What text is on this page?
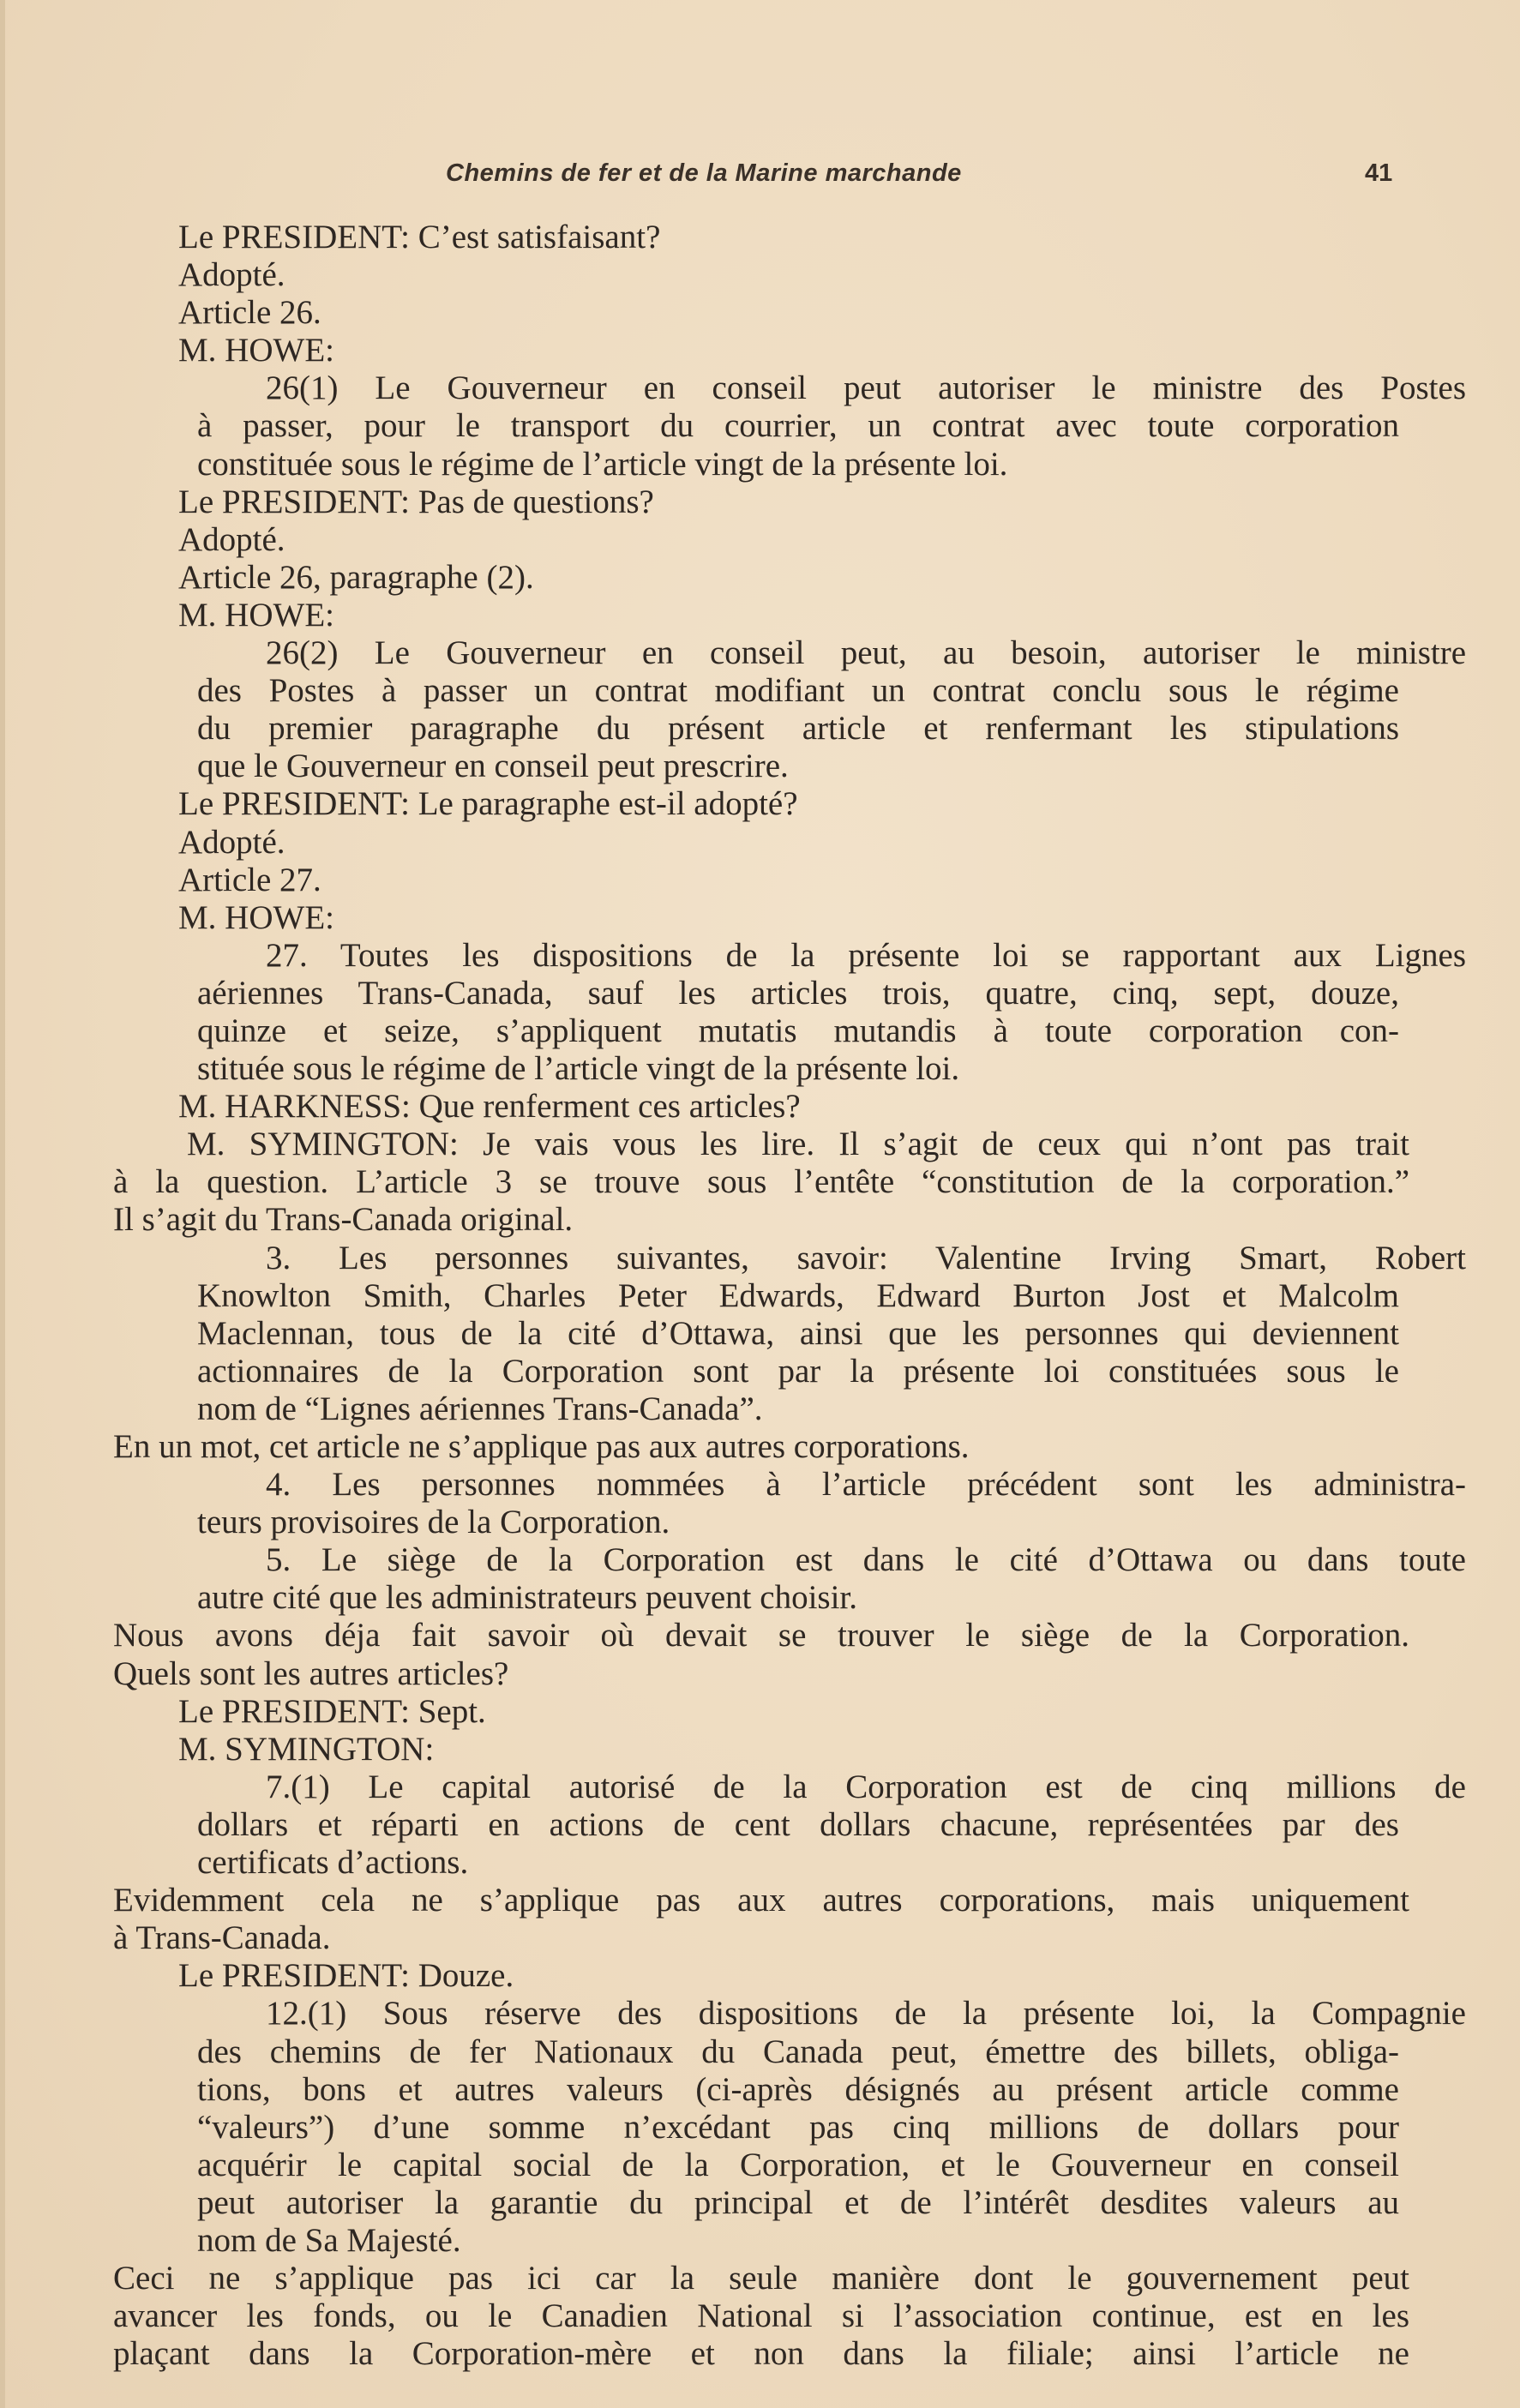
Chemins de fer et de la Marine marchande	41
Le PRESIDENT: C’est satisfaisant?
Adopté.
Article 26.
M. HOWE:
26(1) Le Gouverneur en conseil peut autoriser le ministre des Postes
à passer, pour le transport du courrier, un contrat avec toute corporation
constituée sous le régime de l’article vingt de la présente loi.
Le PRESIDENT: Pas de questions?
Adopté.
Article 26, paragraphe (2).
M. HOWE:
26(2) Le Gouverneur en conseil peut, au besoin, autoriser le ministre
des Postes à passer un contrat modifiant un contrat conclu sous le régime
du premier paragraphe du présent article et renfermant les stipulations
que le Gouverneur en conseil peut prescrire.
Le PRESIDENT: Le paragraphe est-il adopté?
Adopté.
Article 27.
M. HOWE:
27. Toutes les dispositions de la présente loi se rapportant aux Lignes
aériennes Trans-Canada, sauf les articles trois, quatre, cinq, sept, douze,
quinze et seize, s’appliquent mutatis mutandis à toute corporation con-
stituée sous le régime de l’article vingt de la présente loi.
M. HARKNESS: Que renferment ces articles?
M. SYMINGTON: Je vais vous les lire. Il s’agit de ceux qui n’ont pas trait
à la question. L’article 3 se trouve sous l’entête “constitution de la corporation.”
Il s’agit du Trans-Canada original.
3. Les personnes suivantes, savoir: Valentine Irving Smart, Robert
Knowlton Smith, Charles Peter Edwards, Edward Burton Jost et Malcolm
Maclennan, tous de la cité d’Ottawa, ainsi que les personnes qui deviennent
actionnaires de la Corporation sont par la présente loi constituées sous le
nom de “Lignes aériennes Trans-Canada”.
En un mot, cet article ne s’applique pas aux autres corporations.
4. Les personnes nommées à l’article précédent sont les administra-
teurs provisoires de la Corporation.
5. Le siège de la Corporation est dans le cité d’Ottawa ou dans toute
autre cité que les administrateurs peuvent choisir.
Nous avons déja fait savoir où devait se trouver le siège de la Corporation.
Quels sont les autres articles?
Le PRESIDENT: Sept.
M. SYMINGTON:
7.(1) Le capital autorisé de la Corporation est de cinq millions de
dollars et réparti en actions de cent dollars chacune, représentées par des
certificats d’actions.
Evidemment cela ne s’applique pas aux autres corporations, mais uniquement
à Trans-Canada.
Le PRESIDENT: Douze.
12.(1) Sous réserve des dispositions de la présente loi, la Compagnie
des chemins de fer Nationaux du Canada peut, émettre des billets, obliga-
tions, bons et autres valeurs (ci-après désignés au présent article comme
“valeurs”) d’une somme n’excédant pas cinq millions de dollars pour
acquérir le capital social de la Corporation, et le Gouverneur en conseil
peut autoriser la garantie du principal et de l’intérêt desdites valeurs au
nom de Sa Majesté.
Ceci ne s’applique pas ici car la seule manière dont le gouvernement peut
avancer les fonds, ou le Canadien National si l’association continue, est en les
plaçant dans la Corporation-mère et non dans la filiale; ainsi l’article ne
